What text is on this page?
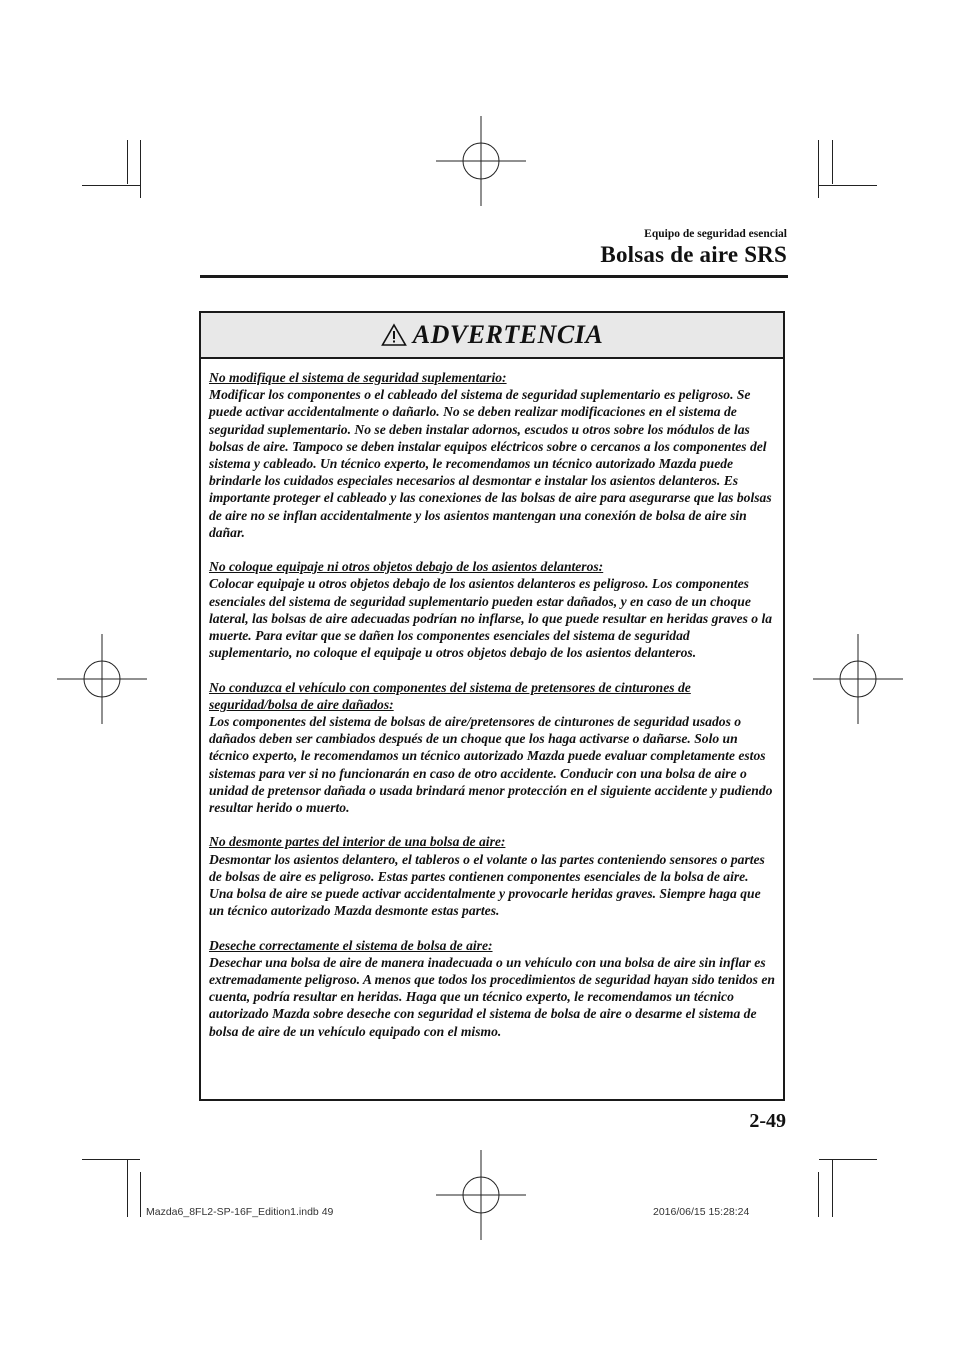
Equipo de seguridad esencial
Bolsas de aire SRS
ADVERTENCIA
No modifique el sistema de seguridad suplementario:
Modificar los componentes o el cableado del sistema de seguridad suplementario es peligroso. Se puede activar accidentalmente o dañarlo. No se deben realizar modificaciones en el sistema de seguridad suplementario. No se deben instalar adornos, escudos u otros sobre los módulos de las bolsas de aire. Tampoco se deben instalar equipos eléctricos sobre o cercanos a los componentes del sistema y cableado. Un técnico experto, le recomendamos un técnico autorizado Mazda puede brindarle los cuidados especiales necesarios al desmontar e instalar los asientos delanteros. Es importante proteger el cableado y las conexiones de las bolsas de aire para asegurarse que las bolsas de aire no se inflan accidentalmente y los asientos mantengan una conexión de bolsa de aire sin dañar.
No coloque equipaje ni otros objetos debajo de los asientos delanteros:
Colocar equipaje u otros objetos debajo de los asientos delanteros es peligroso. Los componentes esenciales del sistema de seguridad suplementario pueden estar dañados, y en caso de un choque lateral, las bolsas de aire adecuadas podrían no inflarse, lo que puede resultar en heridas graves o la muerte. Para evitar que se dañen los componentes esenciales del sistema de seguridad suplementario, no coloque el equipaje u otros objetos debajo de los asientos delanteros.
No conduzca el vehículo con componentes del sistema de pretensores de cinturones de seguridad/bolsa de aire dañados:
Los componentes del sistema de bolsas de aire/pretensores de cinturones de seguridad usados o dañados deben ser cambiados después de un choque que los haga activarse o dañarse. Solo un técnico experto, le recomendamos un técnico autorizado Mazda puede evaluar completamente estos sistemas para ver si no funcionarán en caso de otro accidente. Conducir con una bolsa de aire o unidad de pretensor dañada o usada brindará menor protección en el siguiente accidente y pudiendo resultar herido o muerto.
No desmonte partes del interior de una bolsa de aire:
Desmontar los asientos delantero, el tableros o el volante o las partes conteniendo sensores o partes de bolsas de aire es peligroso. Estas partes contienen componentes esenciales de la bolsa de aire. Una bolsa de aire se puede activar accidentalmente y provocarle heridas graves. Siempre haga que un técnico autorizado Mazda desmonte estas partes.
Deseche correctamente el sistema de bolsa de aire:
Desechar una bolsa de aire de manera inadecuada o un vehículo con una bolsa de aire sin inflar es extremadamente peligroso. A menos que todos los procedimientos de seguridad hayan sido tenidos en cuenta, podría resultar en heridas. Haga que un técnico experto, le recomendamos un técnico autorizado Mazda sobre deseche con seguridad el sistema de bolsa de aire o desarme el sistema de bolsa de aire de un vehículo equipado con el mismo.
2-49
Mazda6_8FL2-SP-16F_Edition1.indb 49	2016/06/15 15:28:24
